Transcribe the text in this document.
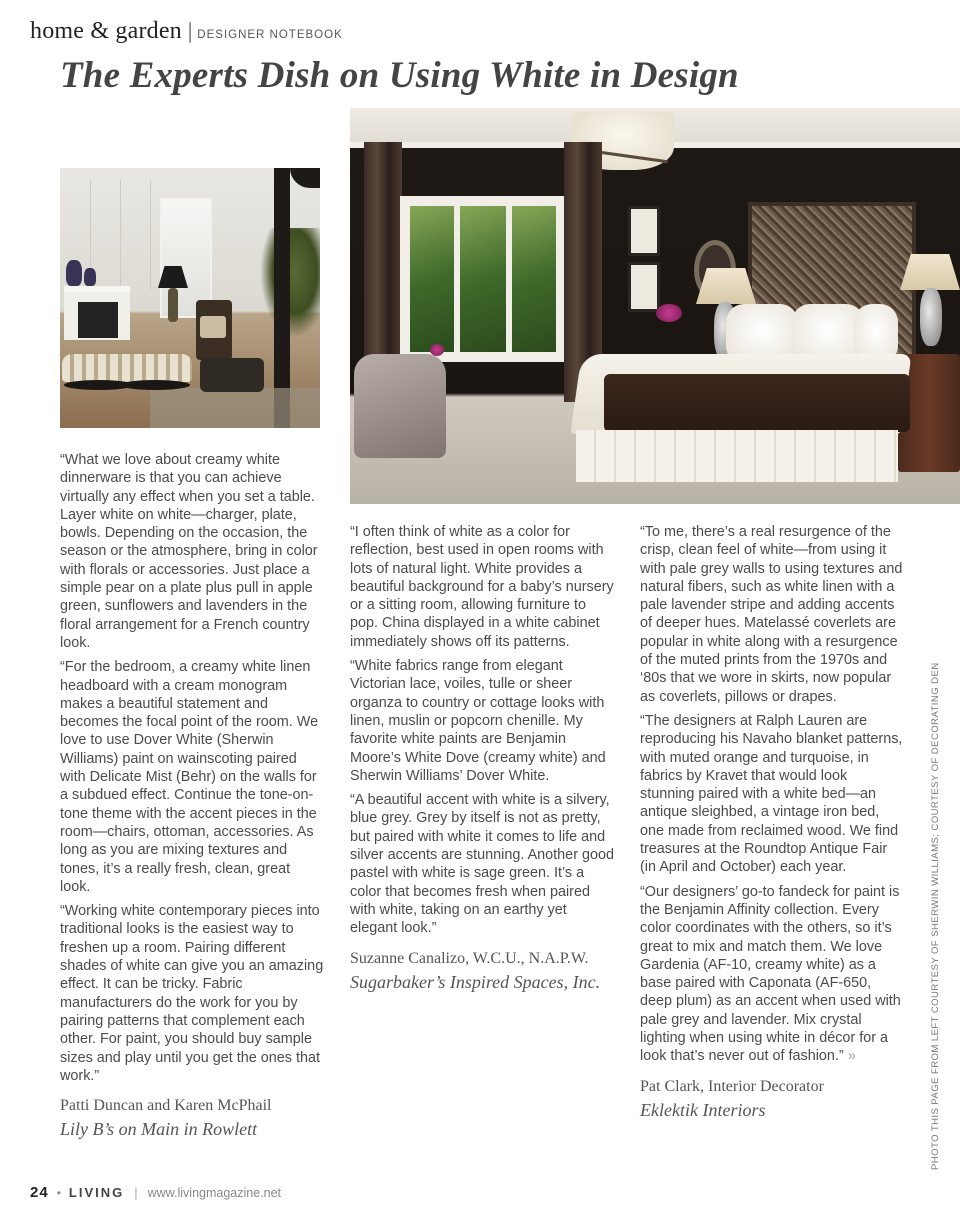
home & garden | DESIGNER NOTEBOOK
The Experts Dish on Using White in Design

“What we love about creamy white dinnerware is that you can achieve virtually any effect when you set a table. Layer white on white—charger, plate, bowls. Depending on the occasion, the season or the atmosphere, bring in color with florals or accessories. Just place a simple pear on a plate plus pull in apple green, sunflowers and lavenders in the floral arrangement for a French country look.

“For the bedroom, a creamy white linen headboard with a cream monogram makes a beautiful statement and becomes the focal point of the room. We love to use Dover White (Sherwin Williams) paint on wainscoting paired with Delicate Mist (Behr) on the walls for a subdued effect. Continue the tone-on-tone theme with the accent pieces in the room—chairs, ottoman, accessories. As long as you are mixing textures and tones, it’s a really fresh, clean, great look.

“Working white contemporary pieces into traditional looks is the easiest way to freshen up a room. Pairing different shades of white can give you an amazing effect. It can be tricky. Fabric manufacturers do the work for you by pairing patterns that complement each other. For paint, you should buy sample sizes and play until you get the ones that work.”

Patti Duncan and Karen McPhail
Lily B’s on Main in Rowlett

“I often think of white as a color for reflection, best used in open rooms with lots of natural light. White provides a beautiful background for a baby’s nursery or a sitting room, allowing furniture to pop. China displayed in a white cabinet immediately shows off its patterns.

“White fabrics range from elegant Victorian lace, voiles, tulle or sheer organza to country or cottage looks with linen, muslin or popcorn chenille. My favorite white paints are Benjamin Moore’s White Dove (creamy white) and Sherwin Williams’ Dover White.

“A beautiful accent with white is a silvery, blue grey. Grey by itself is not as pretty, but paired with white it comes to life and silver accents are stunning. Another good pastel with white is sage green. It’s a color that becomes fresh when paired with white, taking on an earthy yet elegant look.”

Suzanne Canalizo, W.C.U., N.A.P.W.
Sugarbaker’s Inspired Spaces, Inc.

“To me, there’s a real resurgence of the crisp, clean feel of white—from using it with pale grey walls to using textures and natural fibers, such as white linen with a pale lavender stripe and adding accents of deeper hues. Matelassé coverlets are popular in white along with a resurgence of the muted prints from the 1970s and ‘80s that we wore in skirts, now popular as coverlets, pillows or drapes.

“The designers at Ralph Lauren are reproducing his Navaho blanket patterns, with muted orange and turquoise, in fabrics by Kravet that would look stunning paired with a white bed—an antique sleighbed, a vintage iron bed, one made from reclaimed wood. We find treasures at the Roundtop Antique Fair (in April and October) each year.

“Our designers’ go-to fandeck for paint is the Benjamin Affinity collection. Every color coordinates with the others, so it’s great to mix and match them. We love Gardenia (AF-10, creamy white) as a base paired with Caponata (AF-650, deep plum) as an accent when used with pale grey and lavender. Mix crystal lighting when using white in décor for a look that’s never out of fashion.” »

Pat Clark, Interior Decorator
Eklektik Interiors	PHOTO THIS PAGE FROM LEFT COURTESY OF SHERWIN WILLIAMS; COURTESY OF DECORATING DEN
24 • LIVING | www.livingmagazine.net
